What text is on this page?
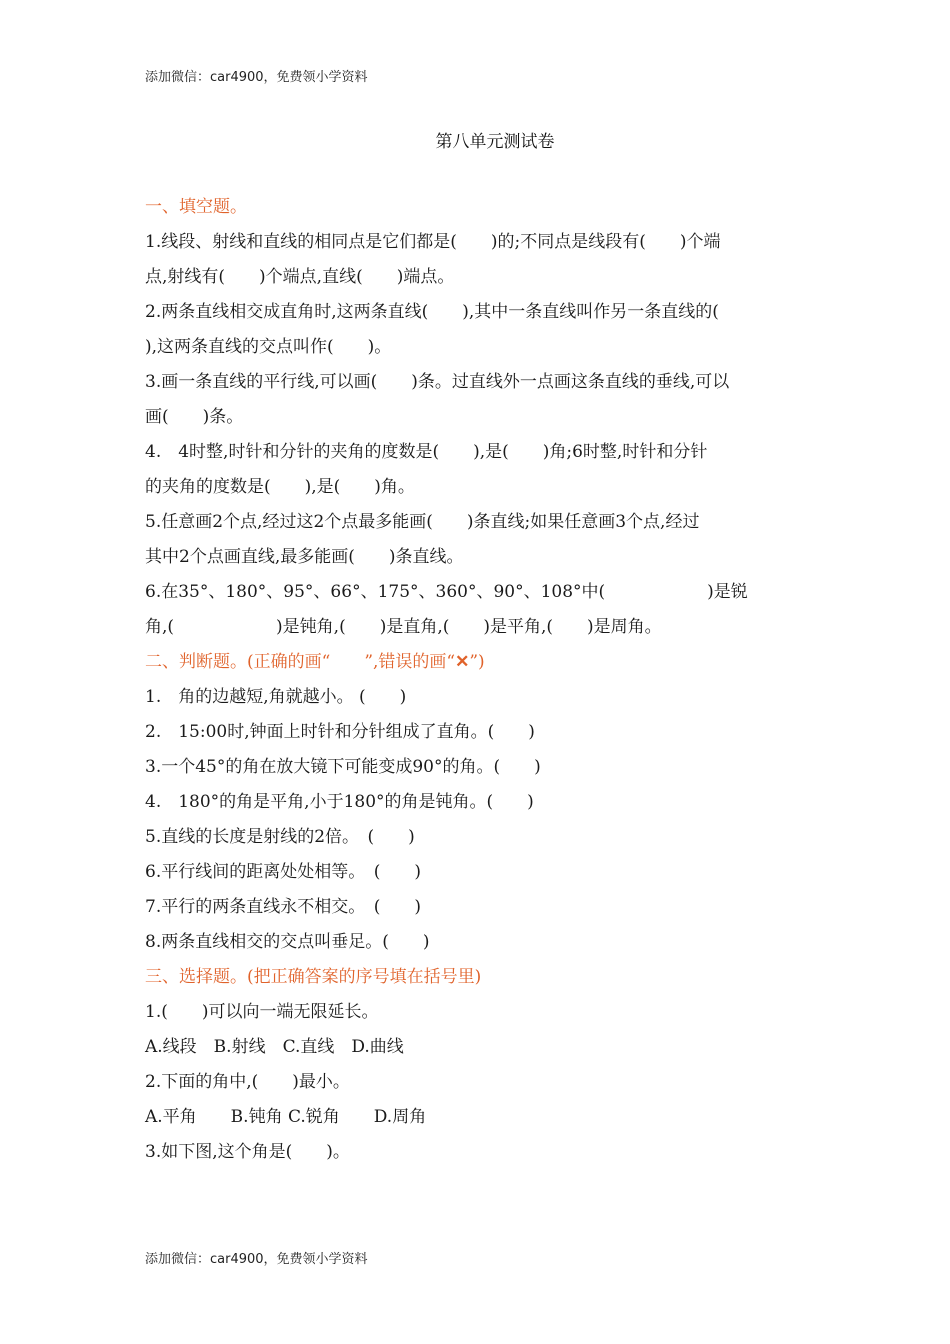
添加微信：car4900，免费领小学资料
第八单元测试卷
一、填空题。
1.线段、射线和直线的相同点是它们都是(　　)的;不同点是线段有(　　)个端
点,射线有(　　)个端点,直线(　　)端点。
2.两条直线相交成直角时,这两条直线(　　),其中一条直线叫作另一条直线的(
),这两条直线的交点叫作(　　)。
3.画一条直线的平行线,可以画(　　)条。过直线外一点画这条直线的垂线,可以
画(　　)条。
4.　4时整,时针和分针的夹角的度数是(　　),是(　　)角;6时整,时针和分针
的夹角的度数是(　　),是(　　)角。
5.任意画2个点,经过这2个点最多能画(　　)条直线;如果任意画3个点,经过
其中2个点画直线,最多能画(　　)条直线。
6.在35°、180°、95°、66°、175°、360°、90°、108°中(　　　　　　)是锐
角,(　　　　　　)是钝角,(　　)是直角,(　　)是平角,(　　)是周角。
二、判断题。(正确的画“　　”,错误的画“✕”)
1.　角的边越短,角就越小。 (　　)
2.　15:00时,钟面上时针和分针组成了直角。(　　)
3.一个45°的角在放大镜下可能变成90°的角。(　　)
4.　180°的角是平角,小于180°的角是钝角。(　　)
5.直线的长度是射线的2倍。　(　　)
6.平行线间的距离处处相等。　(　　)
7.平行的两条直线永不相交。　(　　)
8.两条直线相交的交点叫垂足。(　　)
三、选择题。(把正确答案的序号填在括号里)
1.(　　)可以向一端无限延长。
A.线段　B.射线　C.直线　D.曲线
2.下面的角中,(　　)最小。
A.平角　　B.钝角 C.锐角　　D.周角
3.如下图,这个角是(　　)。
添加微信：car4900，免费领小学资料
